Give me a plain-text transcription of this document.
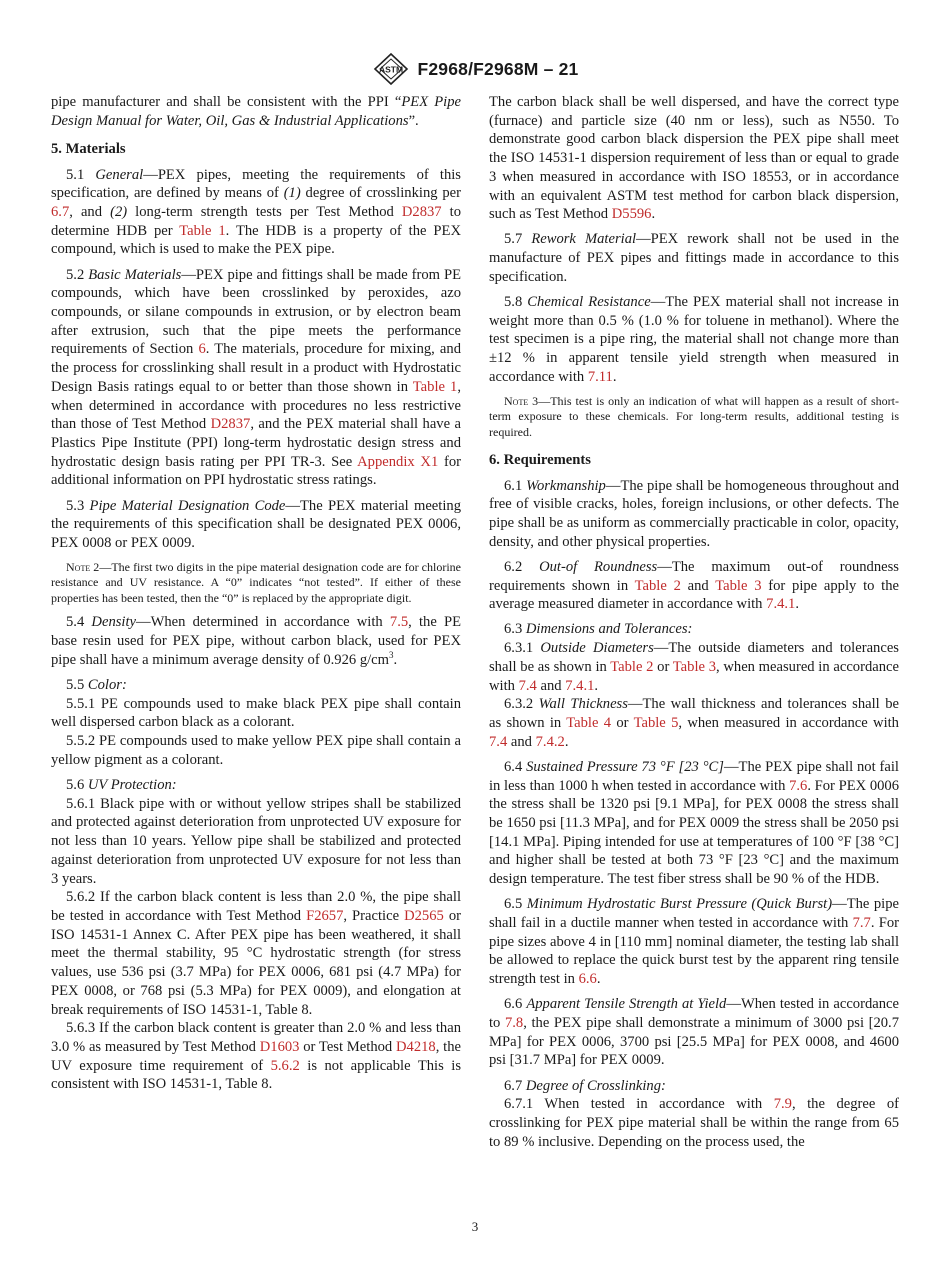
ASTM F2968/F2968M – 21

pipe manufacturer and shall be consistent with the PPI “PEX Pipe Design Manual for Water, Oil, Gas & Industrial Applications”.

5. Materials

5.1 General—PEX pipes, meeting the requirements of this specification, are defined by means of (1) degree of crosslinking per 6.7, and (2) long-term strength tests per Test Method D2837 to determine HDB per Table 1. The HDB is a property of the PEX compound, which is used to make the PEX pipe.

5.2 Basic Materials—PEX pipe and fittings shall be made from PE compounds, which have been crosslinked by peroxides, azo compounds, or silane compounds in extrusion, or by electron beam after extrusion, such that the pipe meets the performance requirements of Section 6. The materials, procedure for mixing, and the process for crosslinking shall result in a product with Hydrostatic Design Basis ratings equal to or better than those shown in Table 1, when determined in accordance with procedures no less restrictive than those of Test Method D2837, and the PEX material shall have a Plastics Pipe Institute (PPI) long-term hydrostatic design stress and hydrostatic design basis rating per PPI TR-3. See Appendix X1 for additional information on PPI hydrostatic stress ratings.

5.3 Pipe Material Designation Code—The PEX material meeting the requirements of this specification shall be designated PEX 0006, PEX 0008 or PEX 0009.

Note 2—The first two digits in the pipe material designation code are for chlorine resistance and UV resistance. A “0” indicates “not tested”. If either of these properties has been tested, then the “0” is replaced by the appropriate digit.

5.4 Density—When determined in accordance with 7.5, the PE base resin used for PEX pipe, without carbon black, used for PEX pipe shall have a minimum average density of 0.926 $g/cm^3$.

5.5 Color:

5.5.1 PE compounds used to make black PEX pipe shall contain well dispersed carbon black as a colorant.

5.5.2 PE compounds used to make yellow PEX pipe shall contain a yellow pigment as a colorant.

5.6 UV Protection:

5.6.1 Black pipe with or without yellow stripes shall be stabilized and protected against deterioration from unprotected UV exposure for not less than 10 years. Yellow pipe shall be stabilized and protected against deterioration from unprotected UV exposure for not less than 3 years.

5.6.2 If the carbon black content is less than 2.0 %, the pipe shall be tested in accordance with Test Method F2657, Practice D2565 or ISO 14531-1 Annex C. After PEX pipe has been weathered, it shall meet the thermal stability, 95 °C hydrostatic strength (for stress values, use 536 psi (3.7 MPa) for PEX 0006, 681 psi (4.7 MPa) for PEX 0008, or 768 psi (5.3 MPa) for PEX 0009), and elongation at break requirements of ISO 14531-1, Table 8.

5.6.3 If the carbon black content is greater than 2.0 % and less than 3.0 % as measured by Test Method D1603 or Test Method D4218, the UV exposure time requirement of 5.6.2 is not applicable This is consistent with ISO 14531-1, Table 8.

The carbon black shall be well dispersed, and have the correct type (furnace) and particle size (40 nm or less), such as N550. To demonstrate good carbon black dispersion the PEX pipe shall meet the ISO 14531-1 dispersion requirement of less than or equal to grade 3 when measured in accordance with ISO 18553, or in accordance with an equivalent ASTM test method for carbon black dispersion, such as Test Method D5596.

5.7 Rework Material—PEX rework shall not be used in the manufacture of PEX pipes and fittings made in accordance to this specification.

5.8 Chemical Resistance—The PEX material shall not increase in weight more than 0.5 % (1.0 % for toluene in methanol). Where the test specimen is a pipe ring, the material shall not change more than ±12 % in apparent tensile yield strength when measured in accordance with 7.11.

Note 3—This test is only an indication of what will happen as a result of short-term exposure to these chemicals. For long-term results, additional testing is required.

6. Requirements

6.1 Workmanship—The pipe shall be homogeneous throughout and free of visible cracks, holes, foreign inclusions, or other defects. The pipe shall be as uniform as commercially practicable in color, opacity, density, and other physical properties.

6.2 Out-of Roundness—The maximum out-of roundness requirements shown in Table 2 and Table 3 for pipe apply to the average measured diameter in accordance with 7.4.1.

6.3 Dimensions and Tolerances:

6.3.1 Outside Diameters—The outside diameters and tolerances shall be as shown in Table 2 or Table 3, when measured in accordance with 7.4 and 7.4.1.

6.3.2 Wall Thickness—The wall thickness and tolerances shall be as shown in Table 4 or Table 5, when measured in accordance with 7.4 and 7.4.2.

6.4 Sustained Pressure 73 °F [23 °C]—The PEX pipe shall not fail in less than 1000 h when tested in accordance with 7.6. For PEX 0006 the stress shall be 1320 psi [9.1 MPa], for PEX 0008 the stress shall be 1650 psi [11.3 MPa], and for PEX 0009 the stress shall be 2050 psi [14.1 MPa]. Piping intended for use at temperatures of 100 °F [38 °C] and higher shall be tested at both 73 °F [23 °C] and the maximum design temperature. The test fiber stress shall be 90 % of the HDB.

6.5 Minimum Hydrostatic Burst Pressure (Quick Burst)—The pipe shall fail in a ductile manner when tested in accordance with 7.7. For pipe sizes above 4 in [110 mm] nominal diameter, the testing lab shall be allowed to replace the quick burst test by the apparent ring tensile strength test in 6.6.

6.6 Apparent Tensile Strength at Yield—When tested in accordance to 7.8, the PEX pipe shall demonstrate a minimum of 3000 psi [20.7 MPa] for PEX 0006, 3700 psi [25.5 MPa] for PEX 0008, and 4600 psi [31.7 MPa] for PEX 0009.

6.7 Degree of Crosslinking:

6.7.1 When tested in accordance with 7.9, the degree of crosslinking for PEX pipe material shall be within the range from 65 to 89 % inclusive. Depending on the process used, the

3
